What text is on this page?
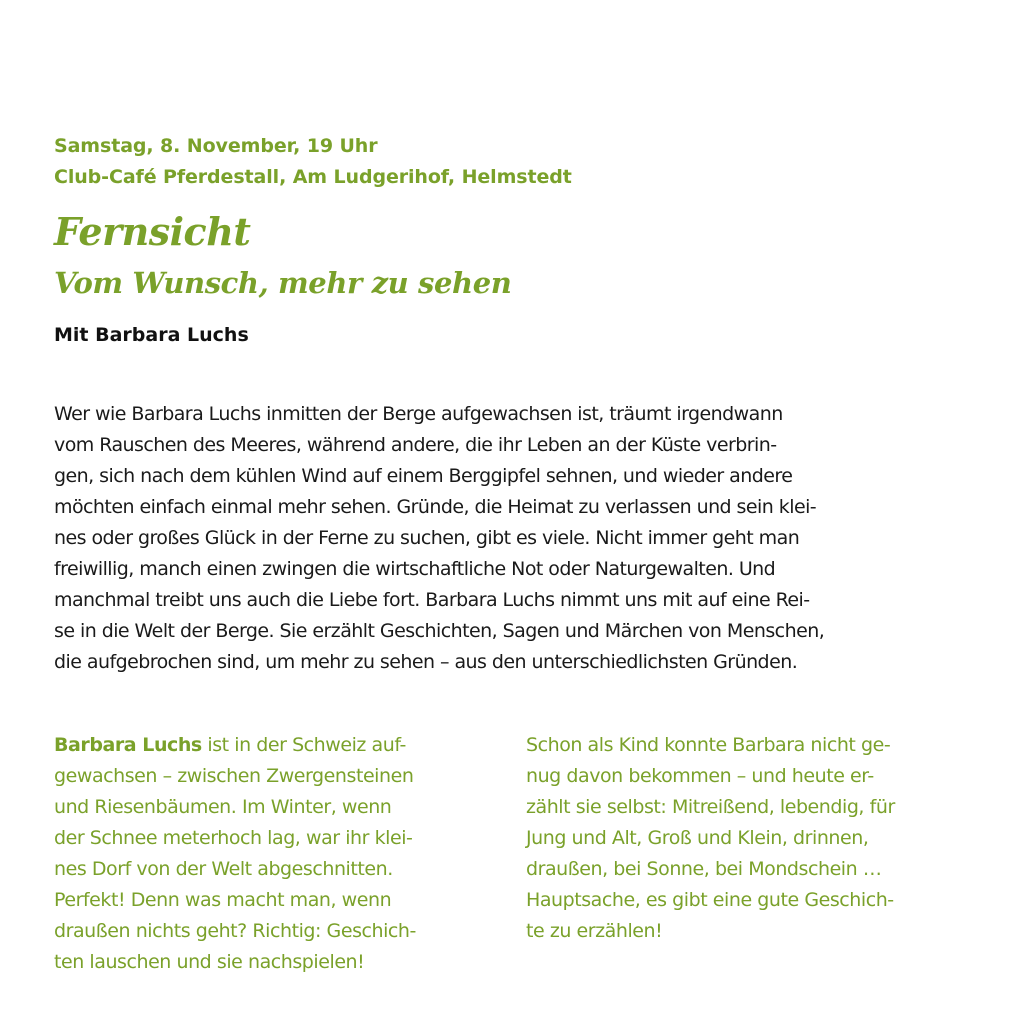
Samstag, 8. November, 19 Uhr
Club-Café Pferdestall, Am Ludgerihof, Helmstedt
Fernsicht
Vom Wunsch, mehr zu sehen

Mit Barbara Luchs

Wer wie Barbara Luchs inmitten der Berge aufgewachsen ist, träumt irgendwann
vom Rauschen des Meeres, während andere, die ihr Leben an der Küste verbrin-
gen, sich nach dem kühlen Wind auf einem Berggipfel sehnen, und wieder andere
möchten einfach einmal mehr sehen. Gründe, die Heimat zu verlassen und sein klei-
nes oder großes Glück in der Ferne zu suchen, gibt es viele. Nicht immer geht man
freiwillig, manch einen zwingen die wirtschaftliche Not oder Naturgewalten. Und
manchmal treibt uns auch die Liebe fort. Barbara Luchs nimmt uns mit auf eine Rei-
se in die Welt der Berge. Sie erzählt Geschichten, Sagen und Märchen von Menschen,
die aufgebrochen sind, um mehr zu sehen – aus den unterschiedlichsten Gründen.

Barbara Luchs ist in der Schweiz auf-
gewachsen – zwischen Zwergensteinen
und Riesenbäumen. Im Winter, wenn
der Schnee meterhoch lag, war ihr klei-
nes Dorf von der Welt abgeschnitten.
Perfekt! Denn was macht man, wenn
draußen nichts geht? Richtig: Geschich-
ten lauschen und sie nachspielen!
Schon als Kind konnte Barbara nicht ge-
nug davon bekommen – und heute er-
zählt sie selbst: Mitreißend, lebendig, für
Jung und Alt, Groß und Klein, drinnen,
draußen, bei Sonne, bei Mondschein …
Hauptsache, es gibt eine gute Geschich-
te zu erzählen!
